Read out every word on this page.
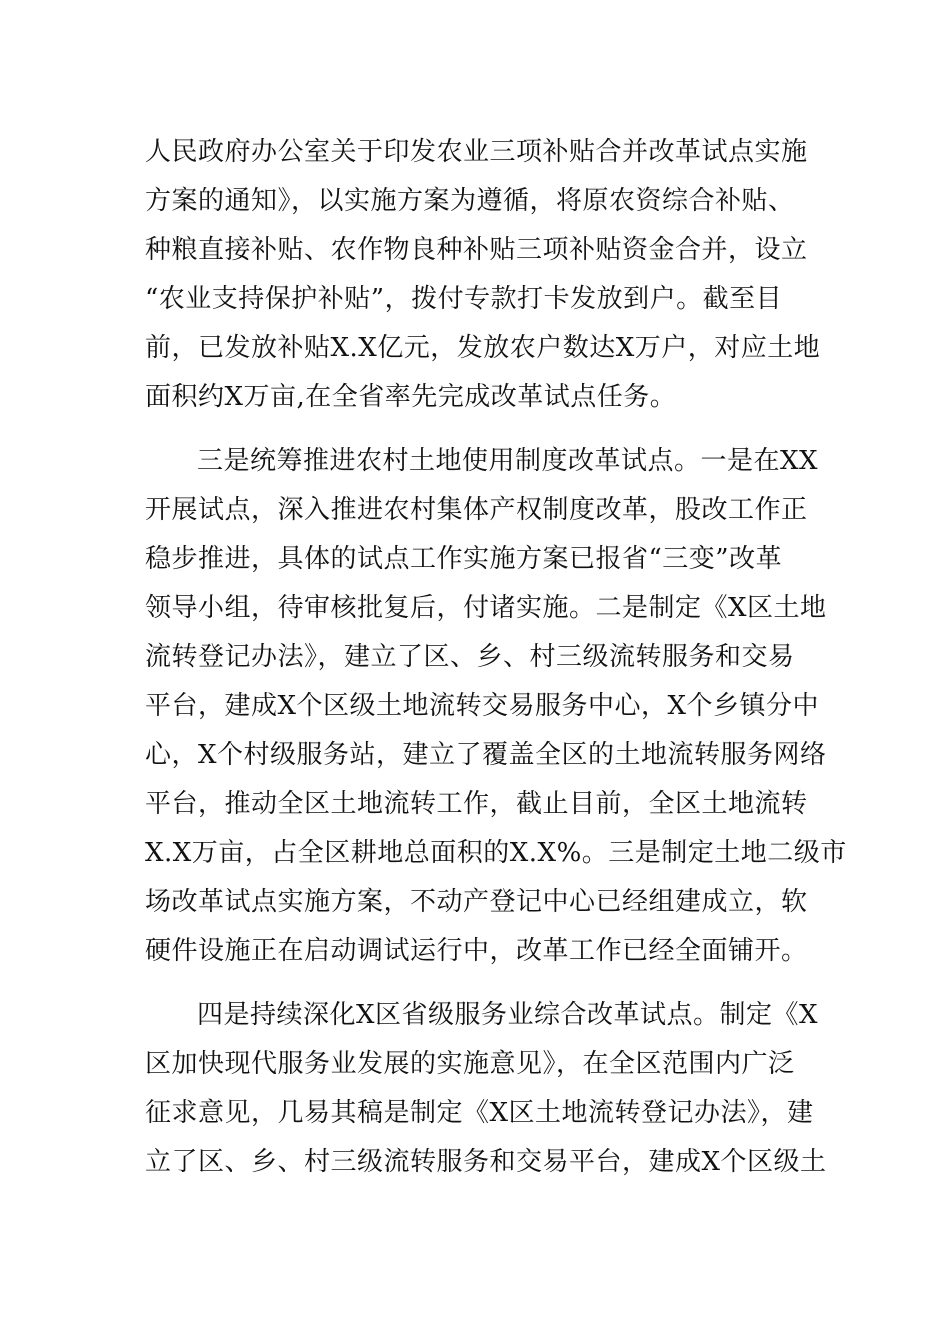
人民政府办公室关于印发农业三项补贴合并改革试点实施
方案的通知》，以实施方案为遵循，将原农资综合补贴、
种粮直接补贴、农作物良种补贴三项补贴资金合并，设立
“农业支持保护补贴”，拨付专款打卡发放到户。截至目
前，已发放补贴X.X亿元，发放农户数达X万户，对应土地
面积约X万亩,在全省率先完成改革试点任务。
三是统筹推进农村土地使用制度改革试点。一是在XX
开展试点，深入推进农村集体产权制度改革，股改工作正
稳步推进，具体的试点工作实施方案已报省“三变”改革
领导小组，待审核批复后，付诸实施。二是制定《X区土地
流转登记办法》，建立了区、乡、村三级流转服务和交易
平台，建成X个区级土地流转交易服务中心，X个乡镇分中
心，X个村级服务站，建立了覆盖全区的土地流转服务网络
平台，推动全区土地流转工作，截止目前，全区土地流转
X.X万亩，占全区耕地总面积的X.X%。三是制定土地二级市
场改革试点实施方案，不动产登记中心已经组建成立，软
硬件设施正在启动调试运行中，改革工作已经全面铺开。
四是持续深化X区省级服务业综合改革试点。制定《X
区加快现代服务业发展的实施意见》，在全区范围内广泛
征求意见，几易其稿是制定《X区土地流转登记办法》，建
立了区、乡、村三级流转服务和交易平台，建成X个区级土
